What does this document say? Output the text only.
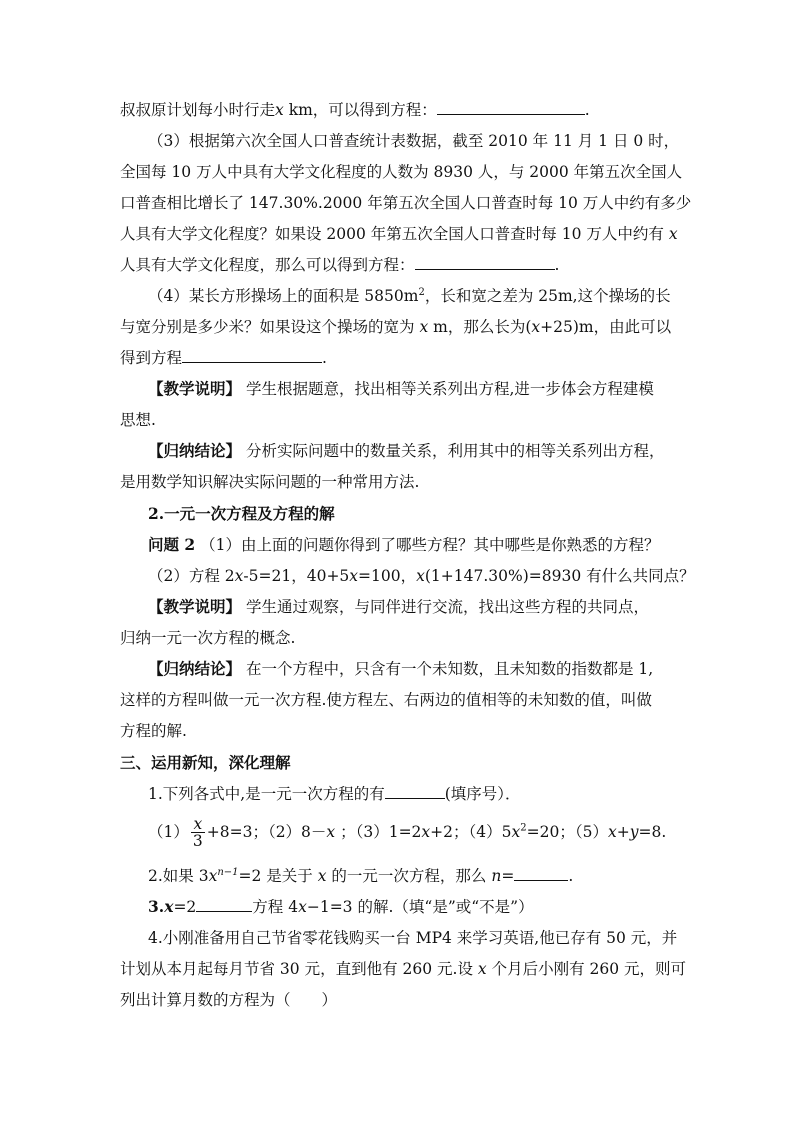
叔叔原计划每小时行走x km，可以得到方程：	.
（3）根据第六次全国人口普查统计表数据，截至 2010 年 11 月 1 日 0 时，
全国每 10 万人中具有大学文化程度的人数为 8930 人，与 2000 年第五次全国人
口普查相比增长了 147.30%.2000 年第五次全国人口普查时每 10 万人中约有多少
人具有大学文化程度？如果设 2000 年第五次全国人口普查时每 10 万人中约有 x
人具有大学文化程度，那么可以得到方程：	.
（4）某长方形操场上的面积是 $5850m^2$，长和宽之差为 25m,这个操场的长
与宽分别是多少米？如果设这个操场的宽为 x m，那么长为(x+25)m，由此可以
得到方程	.
【教学说明】 学生根据题意，找出相等关系列出方程,进一步体会方程建模
思想.
【归纳结论】 分析实际问题中的数量关系，利用其中的相等关系列出方程，
是用数学知识解决实际问题的一种常用方法.
2.一元一次方程及方程的解
问题 2 （1）由上面的问题你得到了哪些方程？其中哪些是你熟悉的方程？
（2）方程 2x-5=21，40+5x=100，x(1+147.30%)=8930 有什么共同点？
【教学说明】 学生通过观察，与同伴进行交流，找出这些方程的共同点，
归纳一元一次方程的概念.
【归纳结论】 在一个方程中，只含有一个未知数，且未知数的指数都是 1,
这样的方程叫做一元一次方程.使方程左、右两边的值相等的未知数的值，叫做
方程的解.
三、运用新知，深化理解
1.下列各式中,是一元一次方程的有	(填序号）．
$(1) \frac{x}{3} +8=3$；（2）8－x ；（3）1=2x+2；$(4)5x^2=20$；（5）x+y=8.
2.如果 $3x^{n-1}=2$ 是关于 x 的一元一次方程，那么 n=	.
3.x=2	方程 4x−1=3 的解.（填“是”或“不是”）
4.小刚准备用自己节省零花钱购买一台 MP4 来学习英语,他已存有 50 元，并
计划从本月起每月节省 30 元，直到他有 260 元.设 x 个月后小刚有 260 元，则可
列出计算月数的方程为（　　）
